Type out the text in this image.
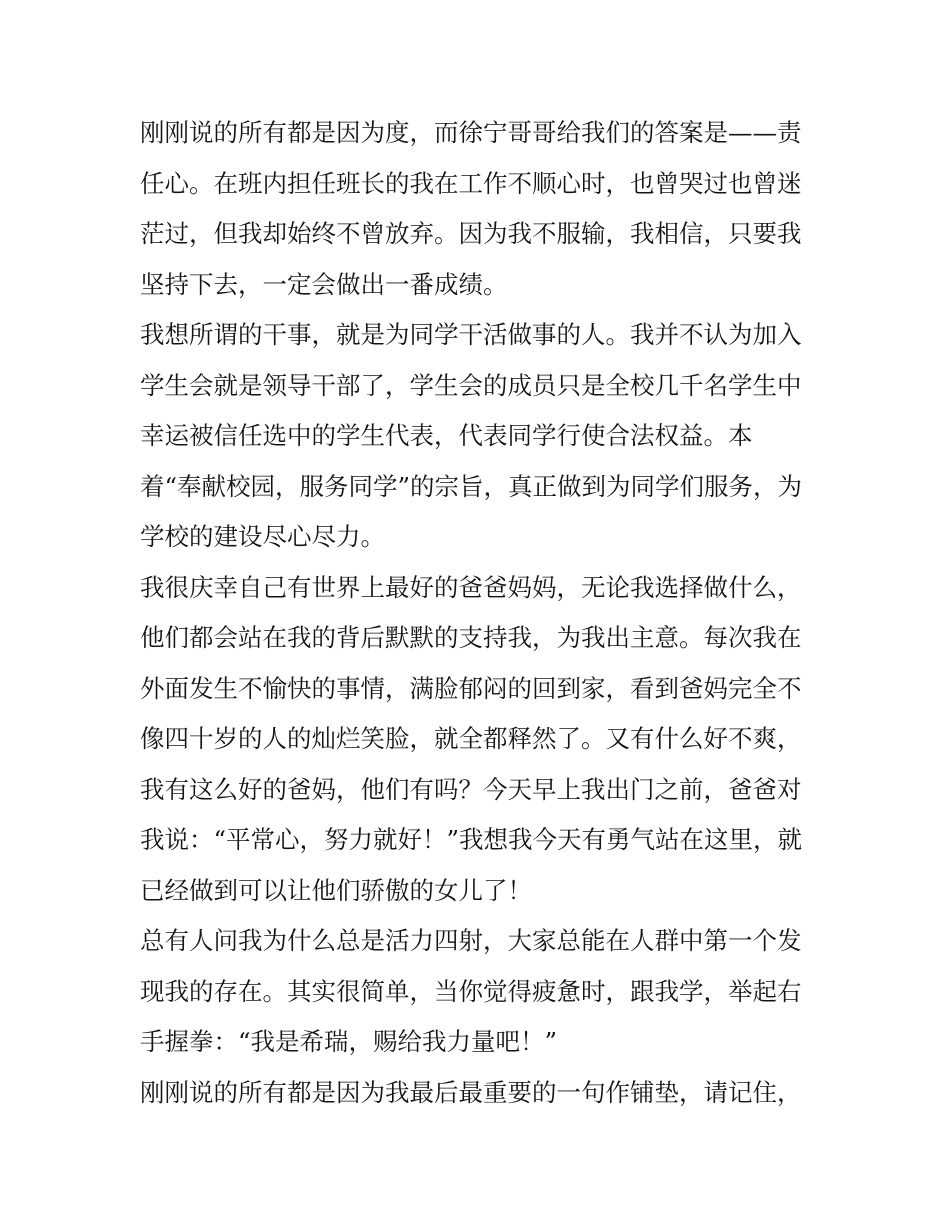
刚刚说的所有都是因为度，而徐宁哥哥给我们的答案是——责
任心。在班内担任班长的我在工作不顺心时，也曾哭过也曾迷
茫过，但我却始终不曾放弃。因为我不服输，我相信，只要我
坚持下去，一定会做出一番成绩。
我想所谓的干事，就是为同学干活做事的人。我并不认为加入
学生会就是领导干部了，学生会的成员只是全校几千名学生中
幸运被信任选中的学生代表，代表同学行使合法权益。本
着“奉献校园，服务同学”的宗旨，真正做到为同学们服务，为
学校的建设尽心尽力。
我很庆幸自己有世界上最好的爸爸妈妈，无论我选择做什么，
他们都会站在我的背后默默的支持我，为我出主意。每次我在
外面发生不愉快的事情，满脸郁闷的回到家，看到爸妈完全不
像四十岁的人的灿烂笑脸，就全都释然了。又有什么好不爽，
我有这么好的爸妈，他们有吗？今天早上我出门之前，爸爸对
我说：“平常心，努力就好！”我想我今天有勇气站在这里，就
已经做到可以让他们骄傲的女儿了！
总有人问我为什么总是活力四射，大家总能在人群中第一个发
现我的存在。其实很简单，当你觉得疲惫时，跟我学，举起右
手握拳：“我是希瑞，赐给我力量吧！”
刚刚说的所有都是因为我最后最重要的一句作铺垫，请记住，
